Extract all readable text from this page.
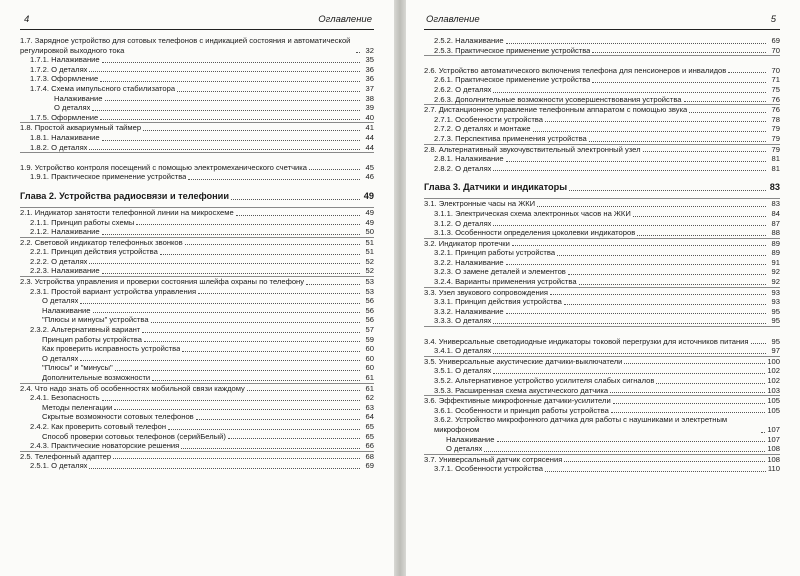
4	Оглавление
1.7. Зарядное устройство для сотовых телефонов с индикацией состояния и автоматической регулировкой выходного тока	32
1.7.1. Налаживание	35
1.7.2. О деталях	36
1.7.3. Оформление	36
1.7.4. Схема импульсного стабилизатора	37
Налаживание	38
О деталях	39
1.7.5. Оформление	40
1.8. Простой аквариумный таймер	41
1.8.1. Налаживание	44
1.8.2. О деталях	44
1.9. Устройство контроля посещений с помощью электромеханического счетчика	45
1.9.1. Практическое применение устройства	46
Глава 2. Устройства радиосвязи и телефонии	49
2.1. Индикатор занятости телефонной линии на микросхеме	49
2.1.1. Принцип работы схемы	49
2.1.2. Налаживание	50
2.2. Световой индикатор телефонных звонков	51
2.2.1. Принцип действия устройства	51
2.2.2. О деталях	52
2.2.3. Налаживание	52
2.3. Устройства управления и проверки состояния шлейфа охраны по телефону	53
2.3.1. Простой вариант устройства управления	53
О деталях	56
Налаживание	56
"Плюсы и минусы" устройства	56
2.3.2. Альтернативный вариант	57
Принцип работы устройства	59
Как проверить исправность устройства	60
О деталях	60
"Плюсы" и "минусы"	60
Дополнительные возможности	61
2.4. Что надо знать об особенностях мобильной связи каждому	61
2.4.1. Безопасность	62
Методы пеленгации	63
Скрытые возможности сотовых телефонов	64
2.4.2. Как проверить сотовый телефон	65
Способ проверки сотовых телефонов (серийБелый)	65
2.4.3. Практические новаторские решения	66
2.5. Телефонный адаптер	68
2.5.1. О деталях	69
Оглавление	5
2.5.2. Налаживание	69
2.5.3. Практическое применение устройства	70
2.6. Устройство автоматического включения телефона для пенсионеров и инвалидов	70
2.6.1. Практическое применение устройства	71
2.6.2. О деталях	75
2.6.3. Дополнительные возможности усовершенствования устройства	76
2.7. Дистанционное управление телефонным аппаратом с помощью звука	76
2.7.1. Особенности устройства	78
2.7.2. О деталях и монтаже	79
2.7.3. Перспектива применения устройства	79
2.8. Альтернативный звукочувствительный электронный узел	79
2.8.1. Налаживание	81
2.8.2. О деталях	81
Глава 3. Датчики и индикаторы	83
3.1. Электронные часы на ЖКИ	83
3.1.1. Электрическая схема электронных часов на ЖКИ	84
3.1.2. О деталях	87
3.1.3. Особенности определения цоколевки индикаторов	88
3.2. Индикатор протечки	89
3.2.1. Принцип работы устройства	89
3.2.2. Налаживание	91
3.2.3. О замене деталей и элементов	92
3.2.4. Варианты применения устройства	92
3.3. Узел звукового сопровождения	93
3.3.1. Принцип действия устройства	93
3.3.2. Налаживание	95
3.3.3. О деталях	95
3.4. Универсальные светодиодные индикаторы токовой перегрузки для источников питания	95
3.4.1. О деталях	97
3.5. Универсальные акустические датчики-выключатели	100
3.5.1. О деталях	102
3.5.2. Альтернативное устройство усилителя слабых сигналов	102
3.5.3. Расширенная схема акустического датчика	103
3.6. Эффективные микрофонные датчики-усилители	105
3.6.1. Особенности и принцип работы устройства	105
3.6.2. Устройство микрофонного датчика для работы с наушниками и электретным микрофоном	107
Налаживание	107
О деталях	108
3.7. Универсальный датчик сотрясения	108
3.7.1. Особенности устройства	110
